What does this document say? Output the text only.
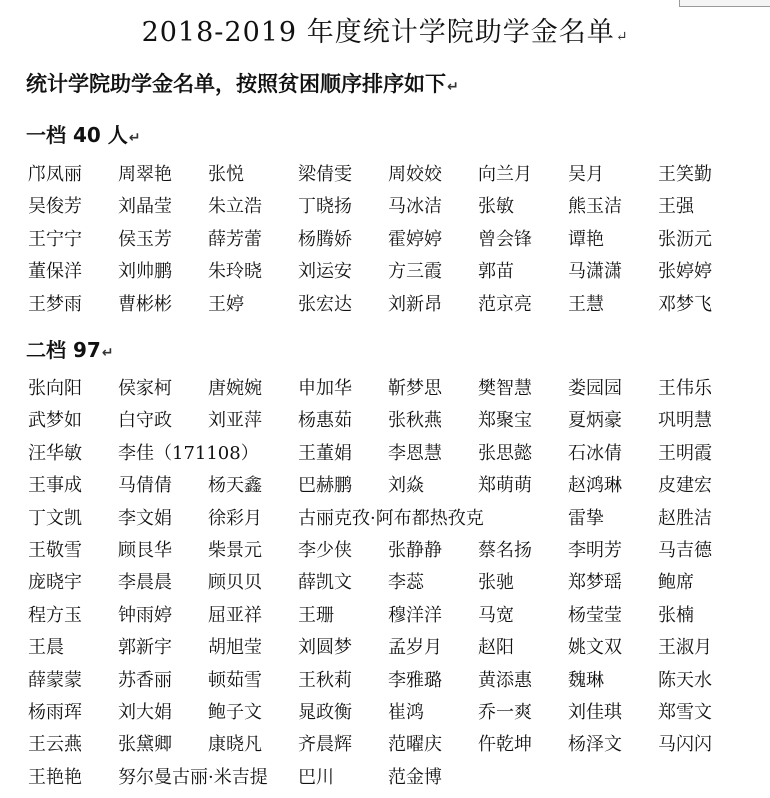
2018-2019 年度统计学院助学金名单↵
统计学院助学金名单，按照贫困顺序排序如下↵
一档 40 人↵
邝凤丽 周翠艳 张悦	梁倩雯 周姣姣 向兰月 吴月	王笑勤
吴俊芳 刘晶莹 朱立浩 丁晓扬 马冰洁 张敏	熊玉洁 王强
王宁宁 侯玉芳 薛芳蕾 杨腾娇 霍婷婷 曾会锋 谭艳	张沥元
董保洋 刘帅鹏 朱玲晓 刘运安 方三霞 郭苗	马潇潇 张婷婷
王梦雨 曹彬彬 王婷	张宏达 刘新昂 范京亮 王慧	邓梦飞
二档 97↵
张向阳 侯家柯 唐婉婉 申加华 靳梦思 樊智慧 娄园园 王伟乐
武梦如 白守政 刘亚萍 杨惠茹 张秋燕 郑聚宝 夏炳豪 巩明慧
汪华敏 李佳（171108） 王董娟 李恩慧 张思懿 石冰倩 王明霞
王事成 马倩倩 杨天鑫 巴赫鹏 刘焱	郑萌萌 赵鸿琳 皮建宏
丁文凯 李文娟 徐彩月 古丽克孜·阿布都热孜克	雷挚	赵胜洁
王敬雪 顾艮华 柴景元 李少侠 张静静 蔡名扬 李明芳 马吉德
庞晓宇 李晨晨 顾贝贝 薛凯文 李蕊	张驰	郑梦瑶 鲍席
程方玉 钟雨婷 屈亚祥 王珊	穆洋洋 马宽	杨莹莹 张楠
王晨	郭新宇 胡旭莹 刘圆梦 孟岁月 赵阳	姚文双 王淑月
薛蒙蒙 苏香丽 顿茹雪 王秋莉 李雅璐 黄添惠 魏琳	陈天水
杨雨珲 刘大娟 鲍子文 晁政衡 崔鸿	乔一爽 刘佳琪 郑雪文
王云燕 张黛卿 康晓凡 齐晨辉 范曜庆 仵乾坤 杨泽文 马闪闪
王艳艳 努尔曼古丽·米吉提 巴川	范金博
